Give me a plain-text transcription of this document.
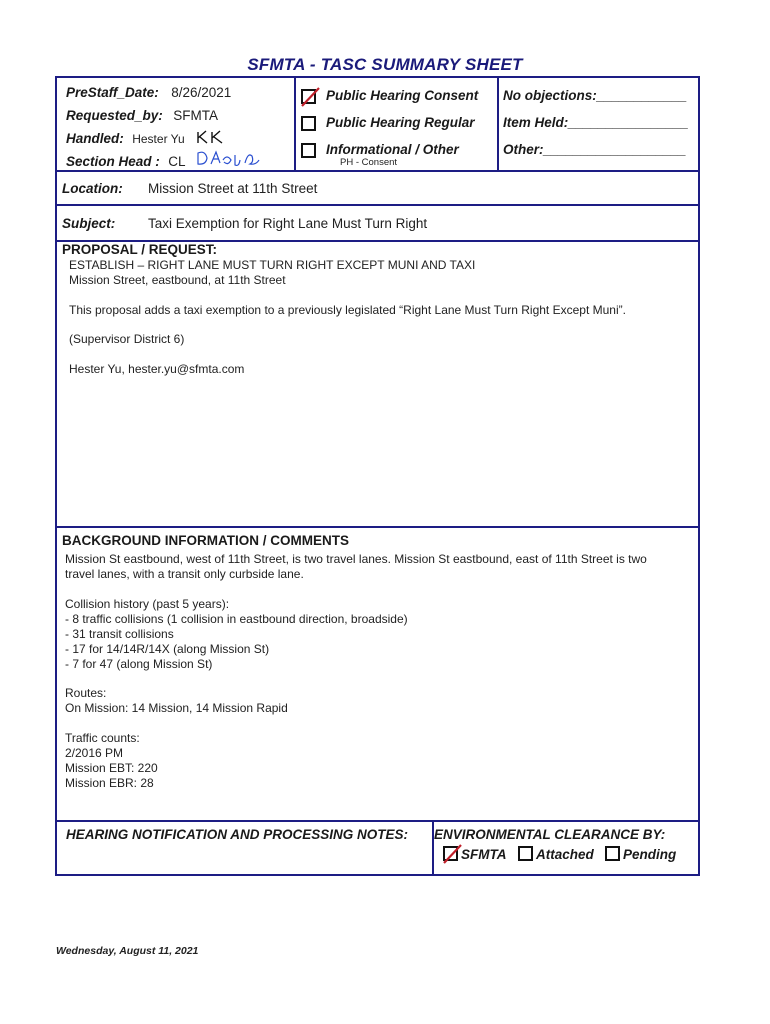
SFMTA - TASC SUMMARY SHEET
PreStaff_Date: 8/26/2021
Requested_by: SFMTA
Handled: Hester Yu
Section Head : CL
Public Hearing Consent
Public Hearing Regular
Informational / Other
PH - Consent
No objections:____________
Item Held:________________
Other:___________________
Location: Mission Street at 11th Street
Subject: Taxi Exemption for Right Lane Must Turn Right
PROPOSAL / REQUEST:
ESTABLISH – RIGHT LANE MUST TURN RIGHT EXCEPT MUNI AND TAXI
Mission Street, eastbound, at 11th Street
This proposal adds a taxi exemption to a previously legislated “Right Lane Must Turn Right Except Muni”.
(Supervisor District 6)
Hester Yu, hester.yu@sfmta.com
BACKGROUND INFORMATION / COMMENTS
Mission St eastbound, west of 11th Street, is two travel lanes. Mission St eastbound, east of 11th Street is two
travel lanes, with a transit only curbside lane.
Collision history (past 5 years):
- 8 traffic collisions (1 collision in eastbound direction, broadside)
- 31 transit collisions
- 17 for 14/14R/14X (along Mission St)
- 7 for 47 (along Mission St)
Routes:
On Mission: 14 Mission, 14 Mission Rapid
Traffic counts:
2/2016 PM
Mission EBT: 220
Mission EBR: 28
HEARING NOTIFICATION AND PROCESSING NOTES: ENVIRONMENTAL CLEARANCE BY:
SFMTA Attached Pending
Wednesday, August 11, 2021
